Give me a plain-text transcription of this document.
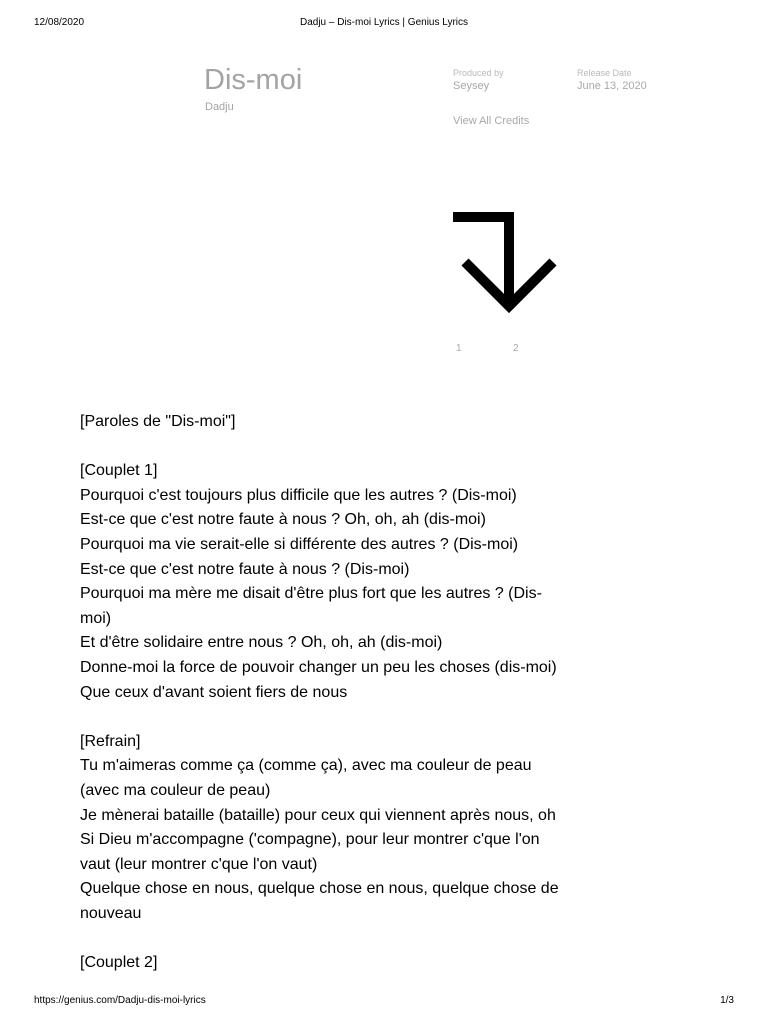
12/08/2020	Dadju – Dis-moi Lyrics | Genius Lyrics
Dis-moi
Dadju
Produced by
Seysey
Release Date
June 13, 2020
View All Credits
1	2
[Paroles de "Dis-moi"]
[Couplet 1]
Pourquoi c'est toujours plus difficile que les autres ? (Dis-moi)
Est-ce que c'est notre faute à nous ? Oh, oh, ah (dis-moi)
Pourquoi ma vie serait-elle si différente des autres ? (Dis-moi)
Est-ce que c'est notre faute à nous ? (Dis-moi)
Pourquoi ma mère me disait d'être plus fort que les autres ? (Dis-
moi)
Et d'être solidaire entre nous ? Oh, oh, ah (dis-moi)
Donne-moi la force de pouvoir changer un peu les choses (dis-moi)
Que ceux d'avant soient fiers de nous
[Refrain]
Tu m'aimeras comme ça (comme ça), avec ma couleur de peau
(avec ma couleur de peau)
Je mènerai bataille (bataille) pour ceux qui viennent après nous, oh
Si Dieu m'accompagne ('compagne), pour leur montrer c'que l'on
vaut (leur montrer c'que l'on vaut)
Quelque chose en nous, quelque chose en nous, quelque chose de
nouveau
[Couplet 2]
https://genius.com/Dadju-dis-moi-lyrics	1/3
